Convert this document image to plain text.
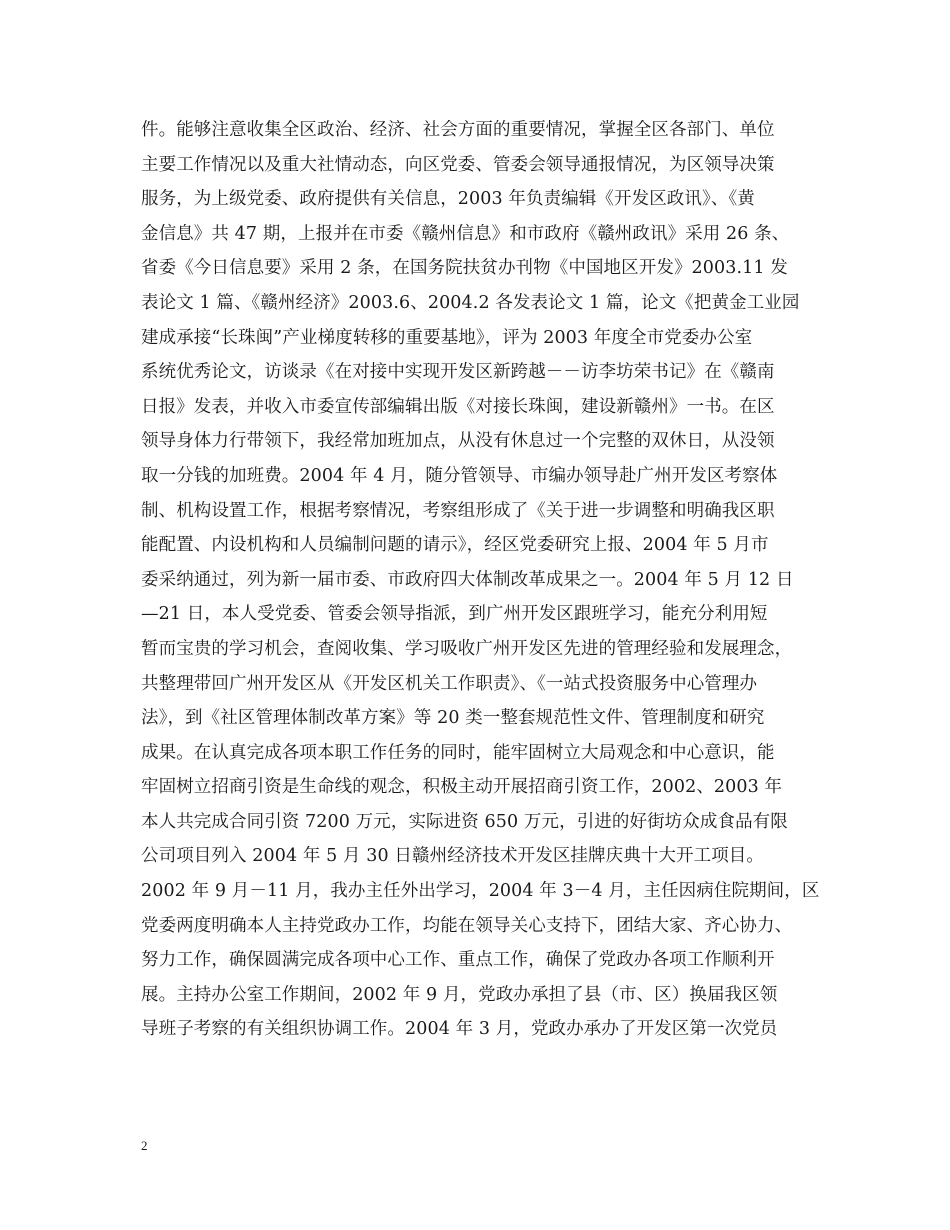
件。能够注意收集全区政治、经济、社会方面的重要情况，掌握全区各部门、单位
主要工作情况以及重大社情动态，向区党委、管委会领导通报情况，为区领导决策
服务，为上级党委、政府提供有关信息，2003 年负责编辑《开发区政讯》、《黄
金信息》共 47 期，上报并在市委《赣州信息》和市政府《赣州政讯》采用 26 条、
省委《今日信息要》采用 2 条，在国务院扶贫办刊物《中国地区开发》2003.11 发
表论文 1 篇、《赣州经济》2003.6、2004.2 各发表论文 1 篇，论文《把黄金工业园
建成承接“长珠闽”产业梯度转移的重要基地》，评为 2003 年度全市党委办公室
系统优秀论文，访谈录《在对接中实现开发区新跨越－－访李坊荣书记》在《赣南
日报》发表，并收入市委宣传部编辑出版《对接长珠闽，建设新赣州》一书。在区
领导身体力行带领下，我经常加班加点，从没有休息过一个完整的双休日，从没领
取一分钱的加班费。2004 年 4 月，随分管领导、市编办领导赴广州开发区考察体
制、机构设置工作，根据考察情况，考察组形成了《关于进一步调整和明确我区职
能配置、内设机构和人员编制问题的请示》，经区党委研究上报、2004 年 5 月市
委采纳通过，列为新一届市委、市政府四大体制改革成果之一。2004 年 5 月 12 日
—21 日，本人受党委、管委会领导指派，到广州开发区跟班学习，能充分利用短
暂而宝贵的学习机会，查阅收集、学习吸收广州开发区先进的管理经验和发展理念，
共整理带回广州开发区从《开发区机关工作职责》、《一站式投资服务中心管理办
法》，到《社区管理体制改革方案》等 20 类一整套规范性文件、管理制度和研究
成果。在认真完成各项本职工作任务的同时，能牢固树立大局观念和中心意识，能
牢固树立招商引资是生命线的观念，积极主动开展招商引资工作，2002、2003 年
本人共完成合同引资 7200 万元，实际进资 650 万元，引进的好街坊众成食品有限
公司项目列入 2004 年 5 月 30 日赣州经济技术开发区挂牌庆典十大开工项目。
2002 年 9 月－11 月，我办主任外出学习，2004 年 3－4 月，主任因病住院期间，区
党委两度明确本人主持党政办工作，均能在领导关心支持下，团结大家、齐心协力、
努力工作，确保圆满完成各项中心工作、重点工作，确保了党政办各项工作顺利开
展。主持办公室工作期间，2002 年 9 月，党政办承担了县（市、区）换届我区领
导班子考察的有关组织协调工作。2004 年 3 月，党政办承办了开发区第一次党员
2
